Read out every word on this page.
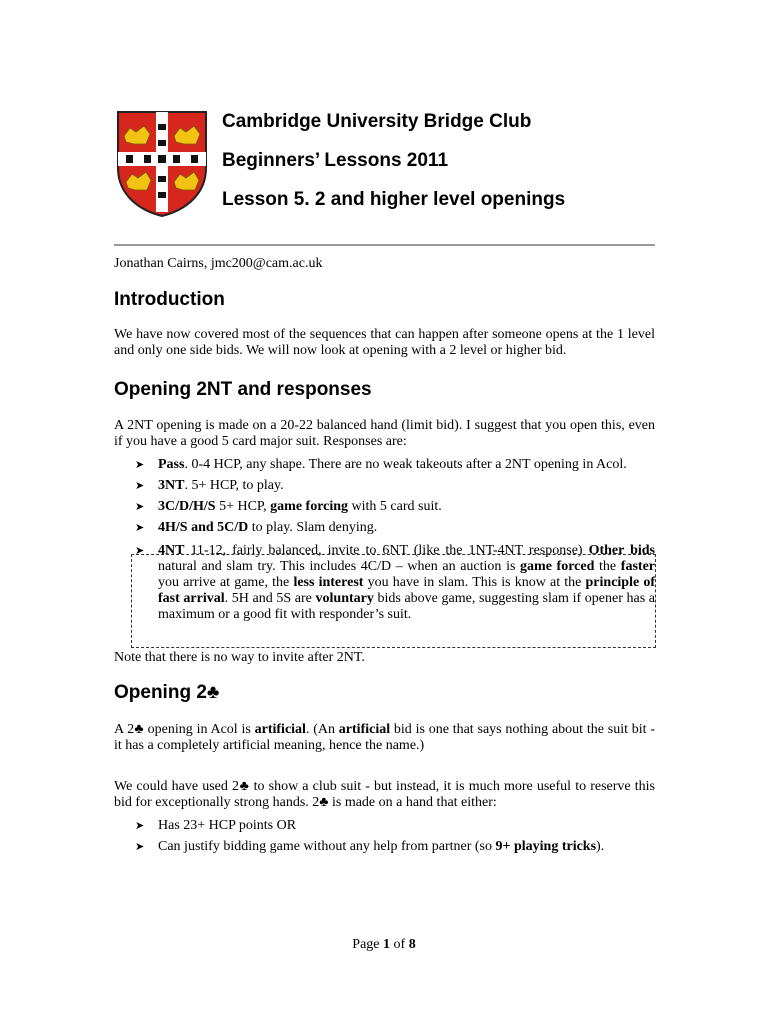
Cambridge University Bridge Club
Beginners’ Lessons 2011
Lesson 5. 2 and higher level openings
Jonathan Cairns, jmc200@cam.ac.uk
Introduction
We have now covered most of the sequences that can happen after someone opens at the 1 level and only one side bids. We will now look at opening with a 2 level or higher bid.
Opening 2NT and responses
A 2NT opening is made on a 20-22 balanced hand (limit bid). I suggest that you open this, even if you have a good 5 card major suit. Responses are:
➤ Pass. 0-4 HCP, any shape. There are no weak takeouts after a 2NT opening in Acol.
➤ 3NT. 5+ HCP, to play.
➤ 3C/D/H/S 5+ HCP, game forcing with 5 card suit.
➤ 4H/S and 5C/D to play. Slam denying.
➤ 4NT 11-12, fairly balanced, invite to 6NT (like the 1NT-4NT response) Other bids natural and slam try. This includes 4C/D – when an auction is game forced the faster you arrive at game, the less interest you have in slam. This is know at the principle of fast arrival. 5H and 5S are voluntary bids above game, suggesting slam if opener has a maximum or a good fit with responder’s suit.
Note that there is no way to invite after 2NT.
Opening 2♣
A 2♣ opening in Acol is artificial. (An artificial bid is one that says nothing about the suit bit - it has a completely artificial meaning, hence the name.)
We could have used 2♣ to show a club suit - but instead, it is much more useful to reserve this bid for exceptionally strong hands. 2♣ is made on a hand that either:
➤ Has 23+ HCP points OR
➤ Can justify bidding game without any help from partner (so 9+ playing tricks).
Page 1 of 8
